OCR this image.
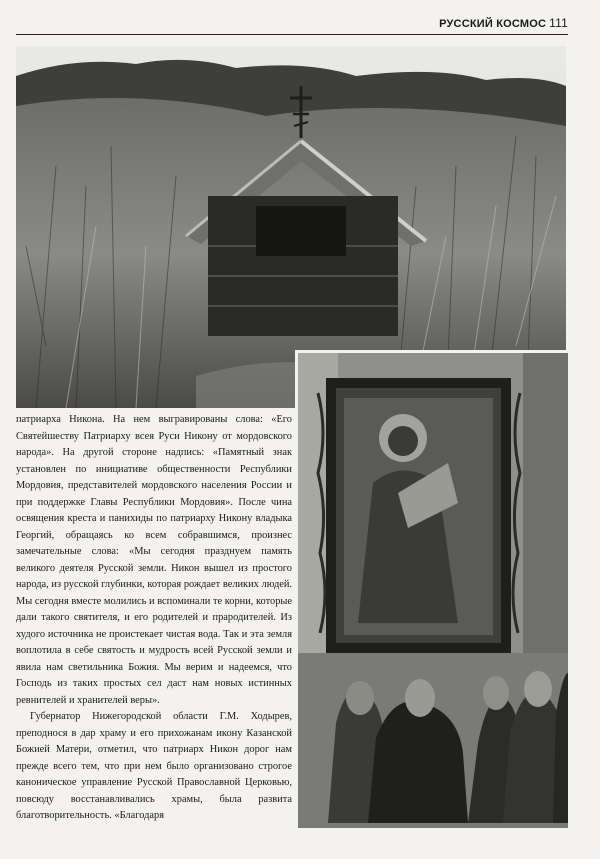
РУССКИЙ КОСМОС 111

патриарха Никона. На нем выгравированы слова: «Его Святейшеству Патриарху всея Руси Никону от мордовского народа». На другой стороне надпись: «Памятный знак установлен по инициативе общественности Республики Мордовия, представителей мордовского населения России и при поддержке Главы Республики Мордовия». После чина освящения креста и панихиды по патриарху Никону владыка Георгий, обращаясь ко всем собравшимся, произнес замечательные слова: «Мы сегодня празднуем память великого деятеля Русской земли. Никон вышел из простого народа, из русской глубинки, которая рождает великих людей. Мы сегодня вместе молились и вспоминали те корни, которые дали такого святителя, и его родителей и прародителей. Из худого источника не проистекает чистая вода. Так и эта земля воплотила в себе святость и мудрость всей Русской земли и явила нам светильника Божия. Мы верим и надеемся, что Господь из таких простых сел даст нам новых истинных ревнителей и хранителей веры».

Губернатор Нижегородской области Г.М. Ходырев, преподнося в дар храму и его прихожанам икону Казанской Божией Матери, отметил, что патриарх Никон дорог нам прежде всего тем, что при нем было организовано строгое каноническое управление Русской Православной Церковью, повсюду восстанавливались храмы, была развита благотворительность. «Благодаря
